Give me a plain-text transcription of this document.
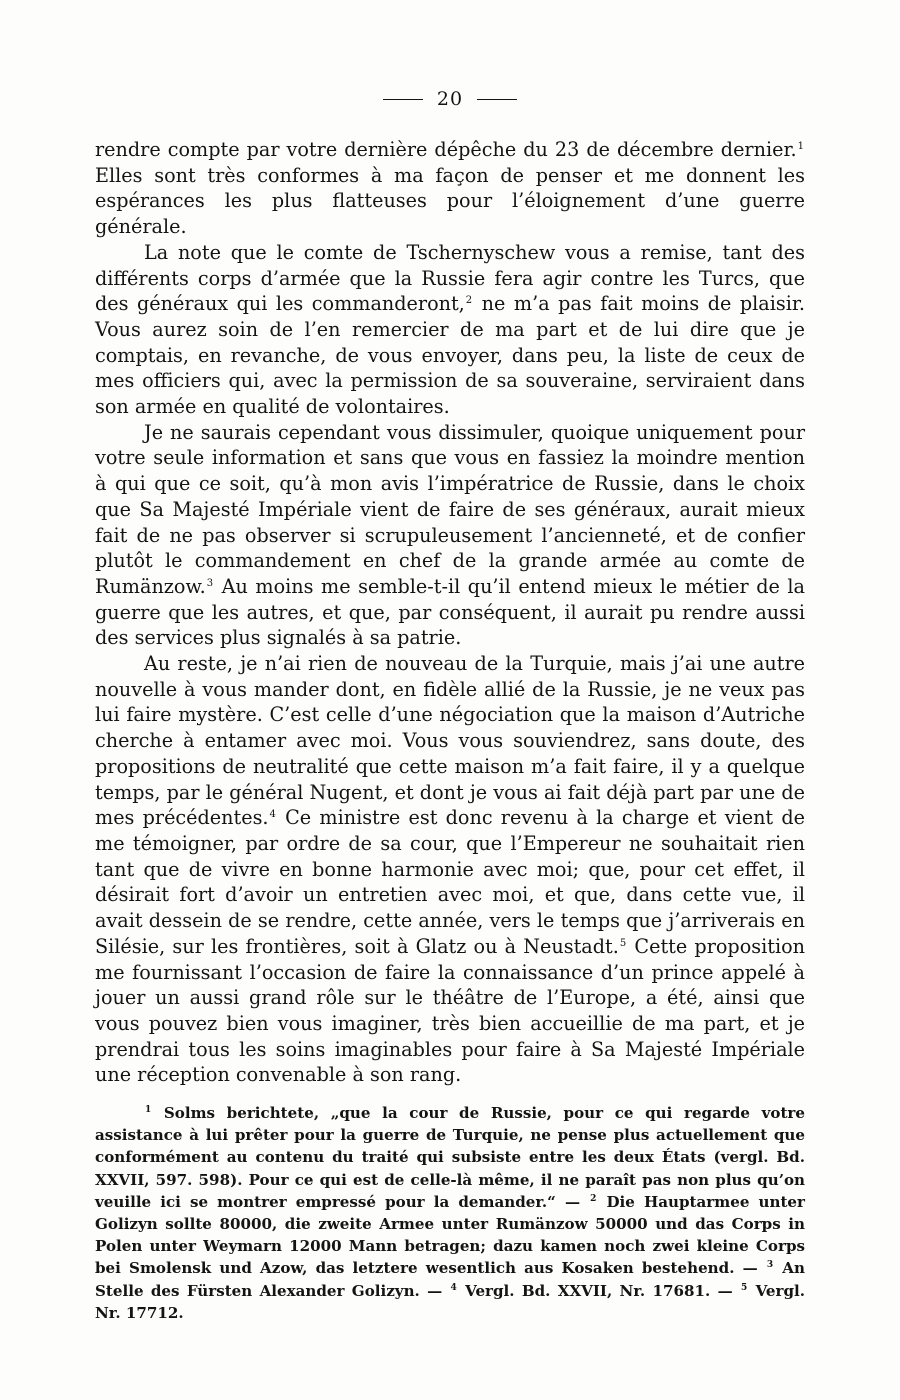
20

rendre compte par votre dernière dépêche du 23 de décembre dernier.$^1$ Elles sont très conformes à ma façon de penser et me donnent les espérances les plus flatteuses pour l’éloignement d’une guerre générale.

La note que le comte de Tschernyschew vous a remise, tant des différents corps d’armée que la Russie fera agir contre les Turcs, que des généraux qui les commanderont,$^2$ ne m’a pas fait moins de plaisir. Vous aurez soin de l’en remercier de ma part et de lui dire que je comptais, en revanche, de vous envoyer, dans peu, la liste de ceux de mes officiers qui, avec la permission de sa souveraine, serviraient dans son armée en qualité de volontaires.

Je ne saurais cependant vous dissimuler, quoique uniquement pour votre seule information et sans que vous en fassiez la moindre mention à qui que ce soit, qu’à mon avis l’impératrice de Russie, dans le choix que Sa Majesté Impériale vient de faire de ses généraux, aurait mieux fait de ne pas observer si scrupuleusement l’ancienneté, et de confier plutôt le commandement en chef de la grande armée au comte de Rumänzow.$^3$ Au moins me semble-t-il qu’il entend mieux le métier de la guerre que les autres, et que, par conséquent, il aurait pu rendre aussi des services plus signalés à sa patrie.

Au reste, je n’ai rien de nouveau de la Turquie, mais j’ai une autre nouvelle à vous mander dont, en fidèle allié de la Russie, je ne veux pas lui faire mystère. C’est celle d’une négociation que la maison d’Autriche cherche à entamer avec moi. Vous vous souviendrez, sans doute, des propositions de neutralité que cette maison m’a fait faire, il y a quelque temps, par le général Nugent, et dont je vous ai fait déjà part par une de mes précédentes.$^4$ Ce ministre est donc revenu à la charge et vient de me témoigner, par ordre de sa cour, que l’Empereur ne souhaitait rien tant que de vivre en bonne harmonie avec moi; que, pour cet effet, il désirait fort d’avoir un entretien avec moi, et que, dans cette vue, il avait dessein de se rendre, cette année, vers le temps que j’arriverais en Silésie, sur les frontières, soit à Glatz ou à Neustadt.$^5$ Cette proposition me fournissant l’occasion de faire la connaissance d’un prince appelé à jouer un aussi grand rôle sur le théâtre de l’Europe, a été, ainsi que vous pouvez bien vous imaginer, très bien accueillie de ma part, et je prendrai tous les soins imaginables pour faire à Sa Majesté Impériale une réception convenable à son rang.

$^1$ Solms berichtete, „que la cour de Russie, pour ce qui regarde votre assistance à lui prêter pour la guerre de Turquie, ne pense plus actuellement que conformément au contenu du traité qui subsiste entre les deux États (vergl. Bd. XXVII, 597. 598). Pour ce qui est de celle-là même, il ne paraît pas non plus qu’on veuille ici se montrer empressé pour la demander.“ — $^2$ Die Hauptarmee unter Golizyn sollte 80000, die zweite Armee unter Rumänzow 50000 und das Corps in Polen unter Weymarn 12000 Mann betragen; dazu kamen noch zwei kleine Corps bei Smolensk und Azow, das letztere wesentlich aus Kosaken bestehend. — $^3$ An Stelle des Fürsten Alexander Golizyn. — $^4$ Vergl. Bd. XXVII, Nr. 17681. — $^5$ Vergl. Nr. 17712.
